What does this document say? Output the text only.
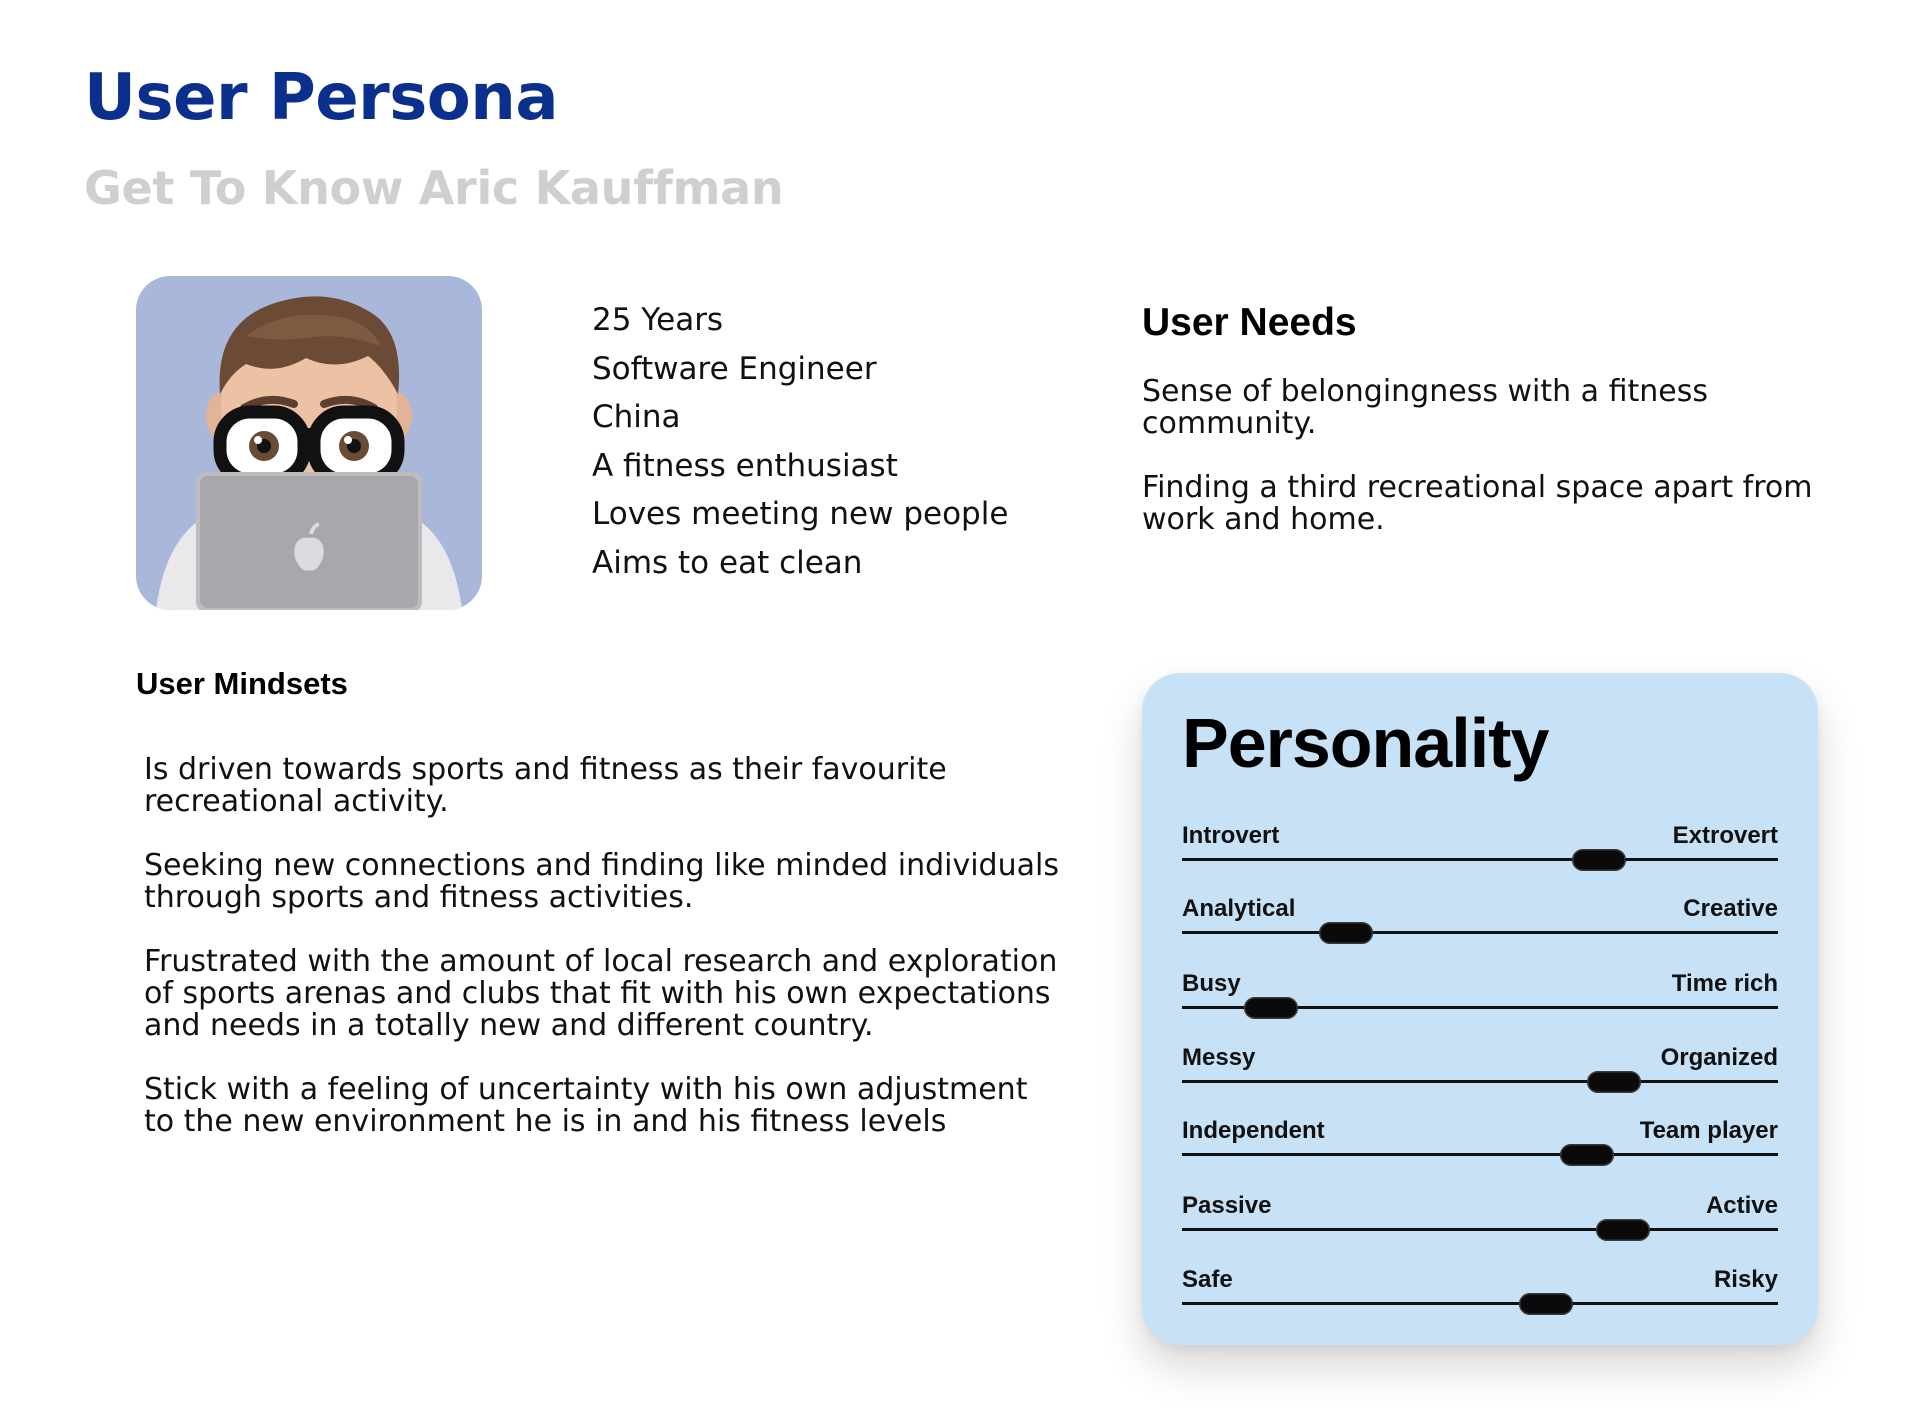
User Persona
Get To Know Aric Kauffman
25 Years
Software Engineer
China
A fitness enthusiast
Loves meeting new people
Aims to eat clean
User Needs
Sense of belongingness with a fitness community.
Finding a third recreational space apart from work and home.
User Mindsets
Is driven towards sports and fitness as their favourite recreational activity.
Seeking new connections and finding like minded individuals through sports and fitness activities.
Frustrated with the amount of local research and exploration of sports arenas and clubs that fit with his own expectations and needs in a totally new and different country.
Stick with a feeling of uncertainty with his own adjustment to the new environment he is in and his fitness levels
Personality
Introvert	Extrovert
Analytical	Creative
Busy	Time rich
Messy	Organized
Independent	Team player
Passive	Active
Safe	Risky
